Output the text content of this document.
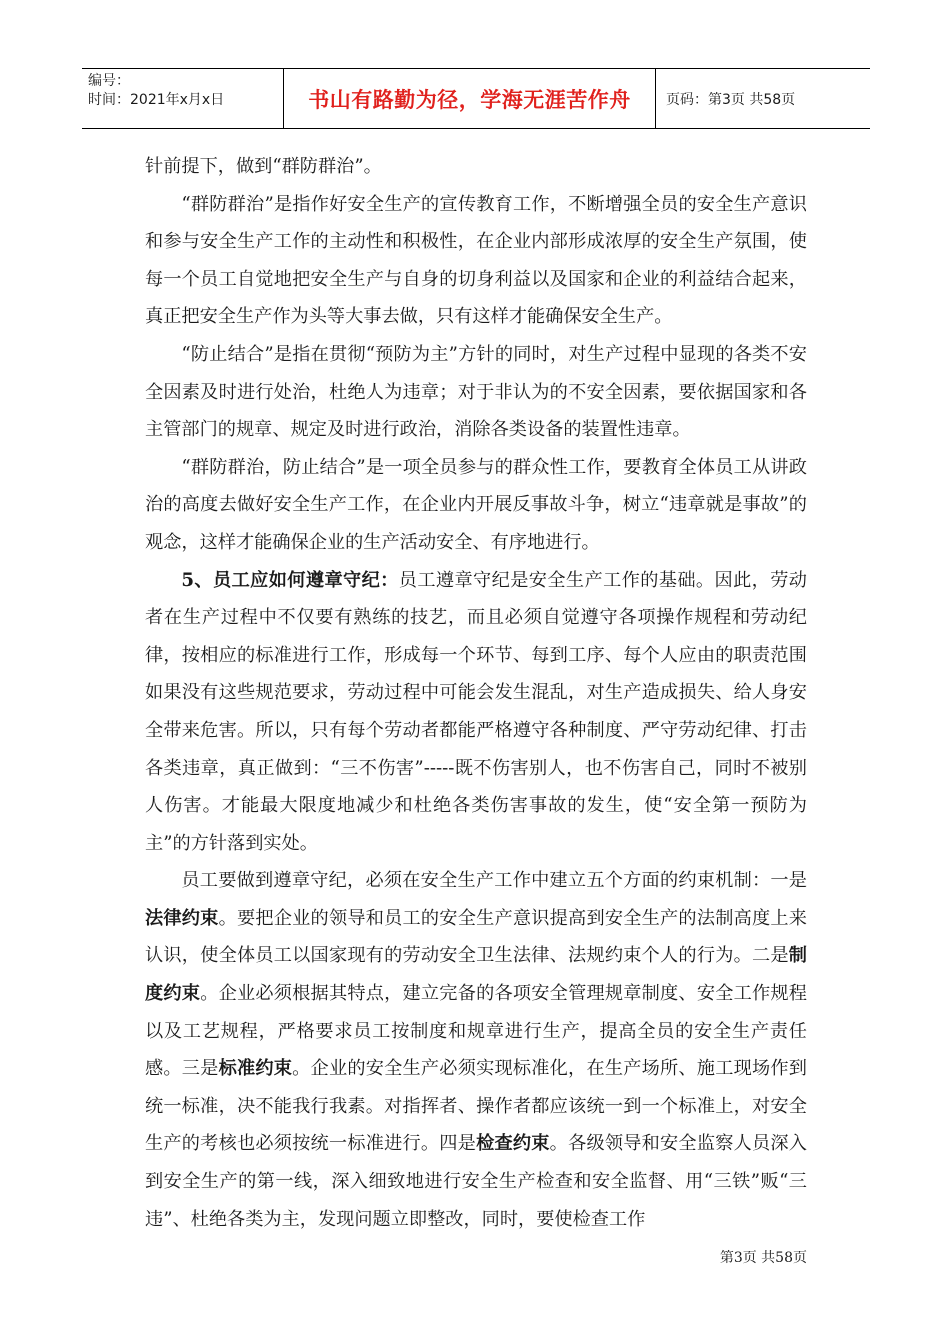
编号：
时间：2021年x月x日	书山有路勤为径，学海无涯苦作舟	页码：第3页 共58页

针前提下，做到“群防群治”。

“群防群治”是指作好安全生产的宣传教育工作，不断增强全员的安全生产意识和参与安全生产工作的主动性和积极性，在企业内部形成浓厚的安全生产氛围，使每一个员工自觉地把安全生产与自身的切身利益以及国家和企业的利益结合起来，真正把安全生产作为头等大事去做，只有这样才能确保安全生产。

“防止结合”是指在贯彻“预防为主”方针的同时，对生产过程中显现的各类不安全因素及时进行处治，杜绝人为违章；对于非认为的不安全因素，要依据国家和各主管部门的规章、规定及时进行政治，消除各类设备的装置性违章。

“群防群治，防止结合”是一项全员参与的群众性工作，要教育全体员工从讲政治的高度去做好安全生产工作，在企业内开展反事故斗争，树立“违章就是事故”的观念，这样才能确保企业的生产活动安全、有序地进行。

5、员工应如何遵章守纪：员工遵章守纪是安全生产工作的基础。因此，劳动者在生产过程中不仅要有熟练的技艺，而且必须自觉遵守各项操作规程和劳动纪律，按相应的标准进行工作，形成每一个环节、每到工序、每个人应由的职责范围如果没有这些规范要求，劳动过程中可能会发生混乱，对生产造成损失、给人身安全带来危害。所以，只有每个劳动者都能严格遵守各种制度、严守劳动纪律、打击各类违章，真正做到：“三不伤害”-----既不伤害别人，也不伤害自己，同时不被别人伤害。才能最大限度地减少和杜绝各类伤害事故的发生，使“安全第一预防为主”的方针落到实处。

员工要做到遵章守纪，必须在安全生产工作中建立五个方面的约束机制：一是法律约束。要把企业的领导和员工的安全生产意识提高到安全生产的法制高度上来认识，使全体员工以国家现有的劳动安全卫生法律、法规约束个人的行为。二是制度约束。企业必须根据其特点，建立完备的各项安全管理规章制度、安全工作规程以及工艺规程，严格要求员工按制度和规章进行生产，提高全员的安全生产责任感。三是标准约束。企业的安全生产必须实现标准化，在生产场所、施工现场作到统一标准，决不能我行我素。对指挥者、操作者都应该统一到一个标准上，对安全生产的考核也必须按统一标准进行。四是检查约束。各级领导和安全监察人员深入到安全生产的第一线，深入细致地进行安全生产检查和安全监督、用“三铁”贩“三违”、杜绝各类为主，发现问题立即整改，同时，要使检查工作

第3页 共58页
